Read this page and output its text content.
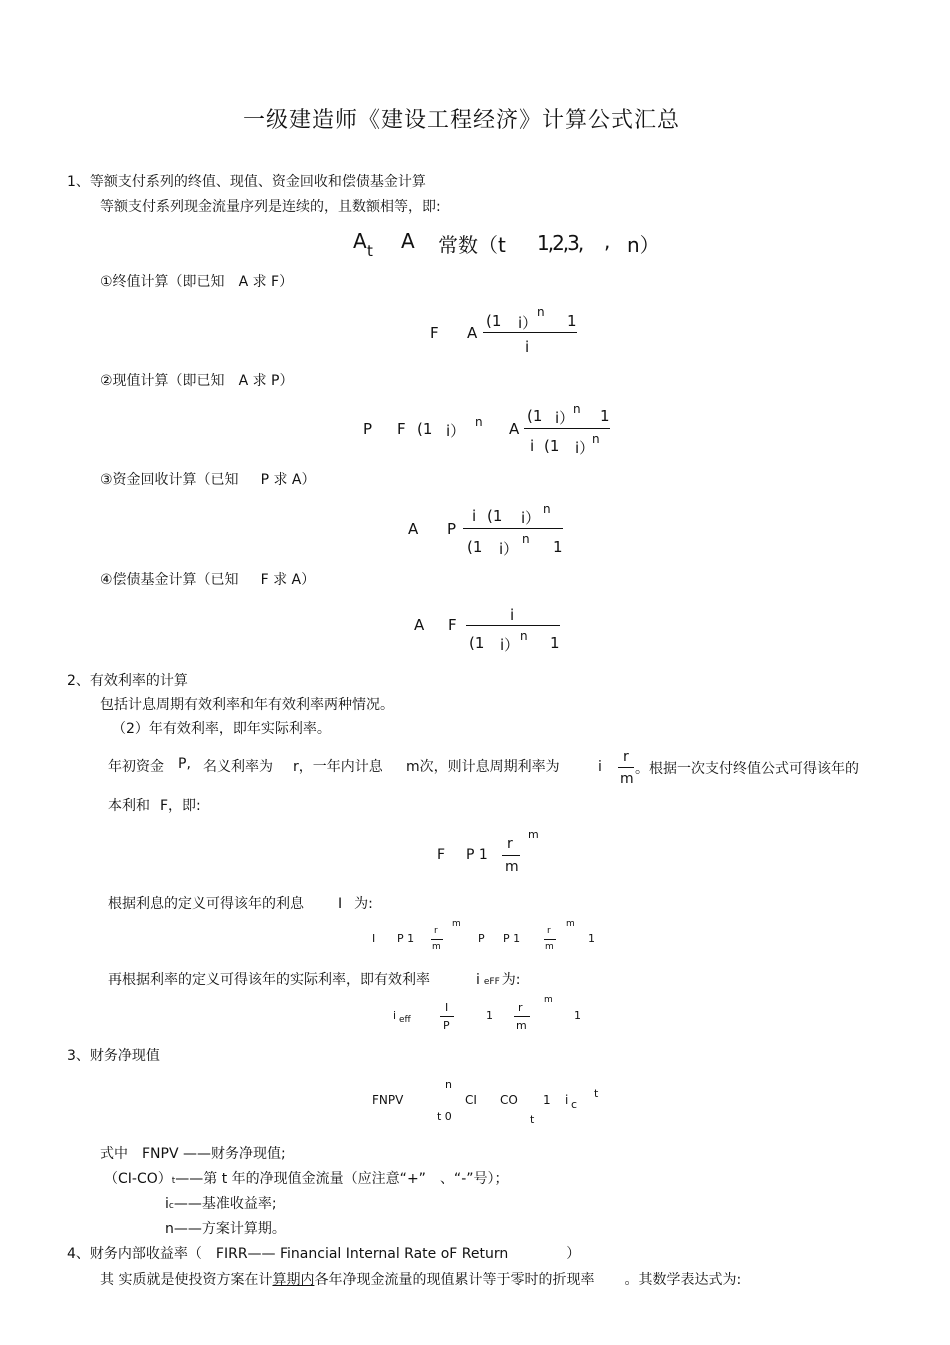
一级建造师《建设工程经济》计算公式汇总
1、等额支付系列的终值、现值、资金回收和偿债基金计算
等额支付系列现金流量序列是连续的，且数额相等，即:
A t A 常数（t 1,2,3, , n）
①终值计算（即已知 A 求 F）
F A
(1 i）
n 1
i
②现值计算（即已知 A 求 P）
P F (1 i） n A
(1 i）
n 1
i (1 i）
n
③资金回收计算（已知 P 求 A）
A P
i (1 i） n
(1 i）
n 1
④偿债基金计算（已知 F 求 A）
A F
i
(1 i） n 1
2、有效利率的计算
包括计息周期有效利率和年有效利率两种情况。
（2）年有效利率，即年实际利率。
年初资金 P, 名义利率为 r，一年内计息 m次，则计息周期利率为	i
r
m
。根据一次支付终值公式可得该年的
本利和 F，即:
F P 1
r
m
m
根据利息的定义可得该年的利息 I 为:
I P 1
r
m
m
P P 1
r
m
m
1
再根据利率的定义可得该年的实际利率，即有效利率	i eFF 为:
i eff
I
P
1
r
m
m
1
3、财务净现值
FNPV
n
t 0
CI CO
t
1 i c
t
式中 FNPV ——财务净现值;
（CI-CO）t——第 t 年的净现值金流量（应注意“+” 、“-”号）；
ic——基准收益率;
n——方案计算期。
4、财务内部收益率（ FIRR—— Financial Internal Rate oF Return	）
其 实质就是使投资方案在计算期内各年净现金流量的现值累计等于零时的折现率 。其数学表达式为:
